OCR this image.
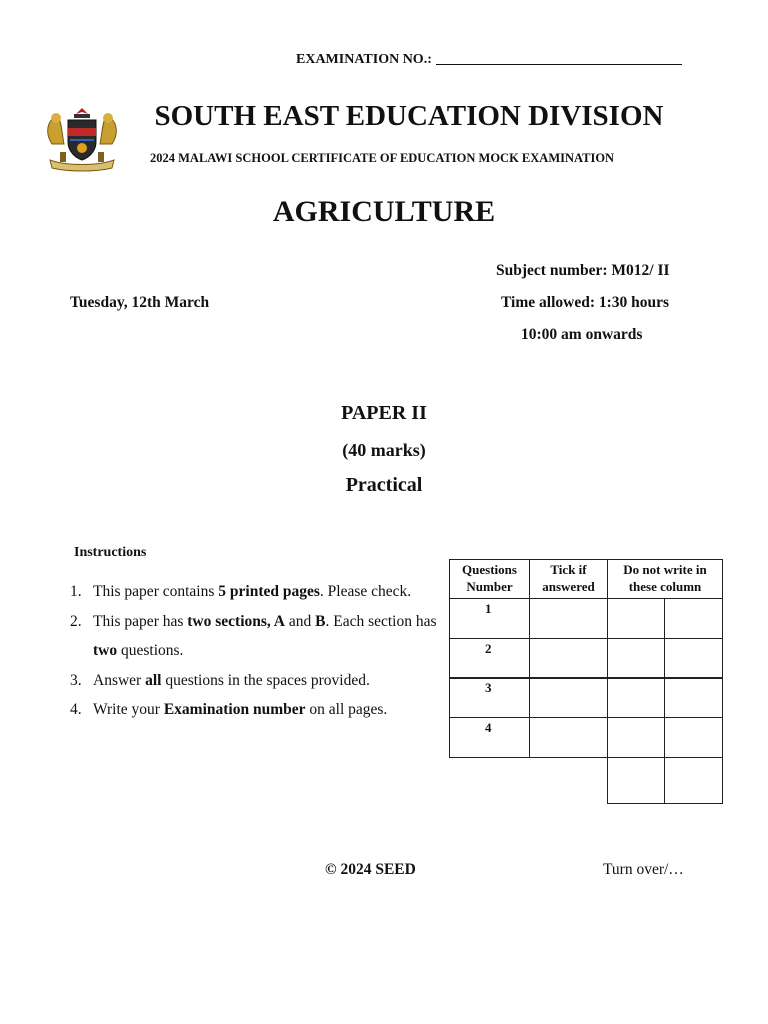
EXAMINATION NO.:
SOUTH EAST EDUCATION DIVISION
2024 MALAWI SCHOOL CERTIFICATE OF EDUCATION MOCK EXAMINATION
AGRICULTURE
Subject number: M012/ II
Tuesday, 12th March	Time allowed: 1:30 hours
10:00 am onwards
PAPER II
(40 marks)
Practical
Instructions
1. This paper contains 5 printed pages. Please check.
2. This paper has two sections, A and B. Each section has two questions.
3. Answer all questions in the spaces provided.
4. Write your Examination number on all pages.
Questions Number
Tick if answered
Do not write in these column
1
2
3
4
© 2024 SEED	Turn over/…
